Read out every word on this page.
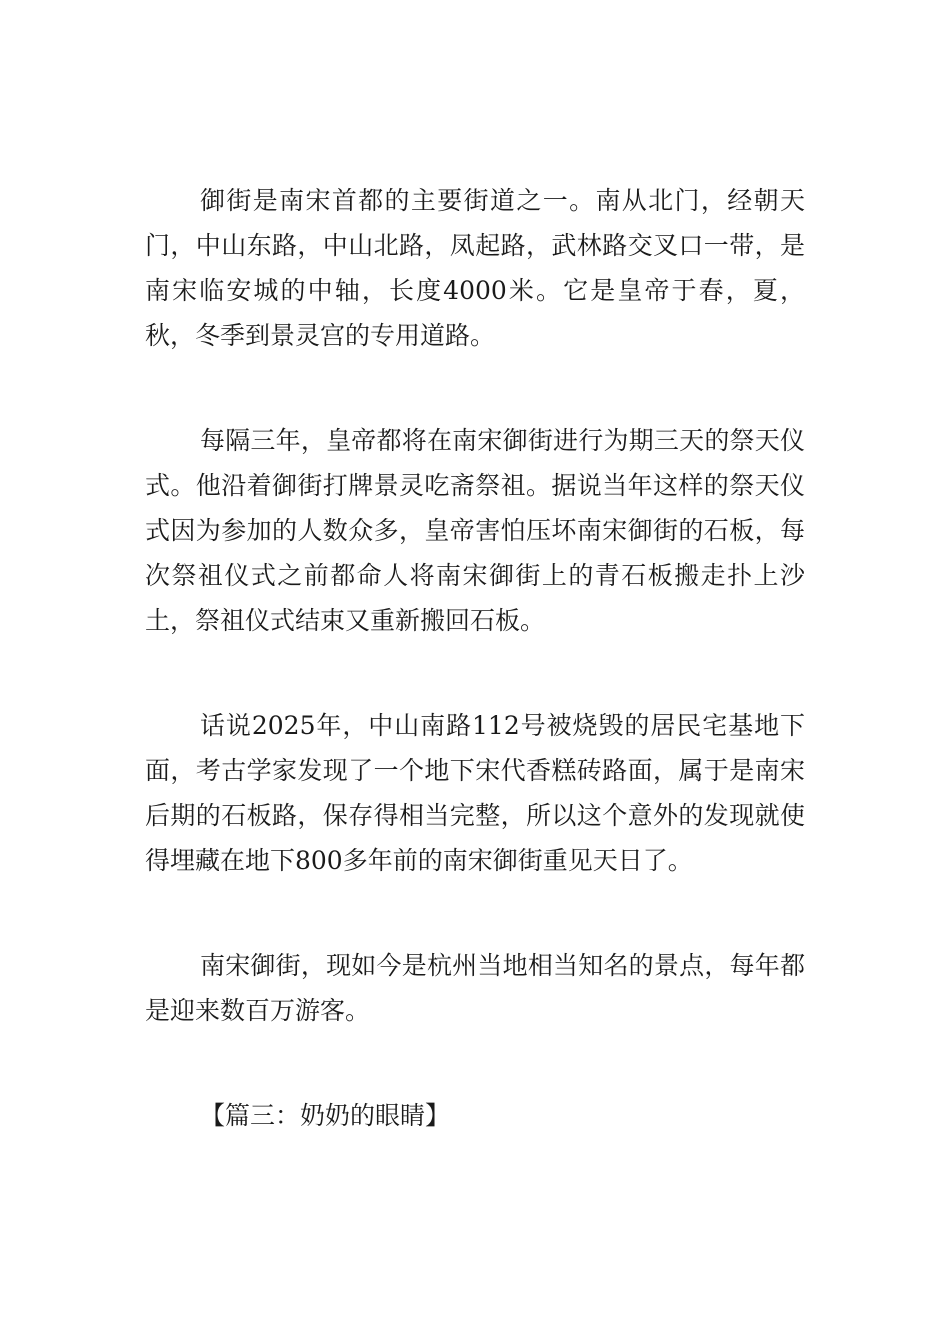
御街是南宋首都的主要街道之一。南从北门，经朝天门，中山东路，中山北路，凤起路，武林路交叉口一带，是南宋临安城的中轴，长度4000米。它是皇帝于春，夏，秋，冬季到景灵宫的专用道路。

每隔三年，皇帝都将在南宋御街进行为期三天的祭天仪式。他沿着御街打牌景灵吃斋祭祖。据说当年这样的祭天仪式因为参加的人数众多，皇帝害怕压坏南宋御街的石板，每次祭祖仪式之前都命人将南宋御街上的青石板搬走扑上沙土，祭祖仪式结束又重新搬回石板。

话说2025年，中山南路112号被烧毁的居民宅基地下面，考古学家发现了一个地下宋代香糕砖路面，属于是南宋后期的石板路，保存得相当完整，所以这个意外的发现就使得埋藏在地下800多年前的南宋御街重见天日了。

南宋御街，现如今是杭州当地相当知名的景点，每年都是迎来数百万游客。

【篇三：奶奶的眼睛】
